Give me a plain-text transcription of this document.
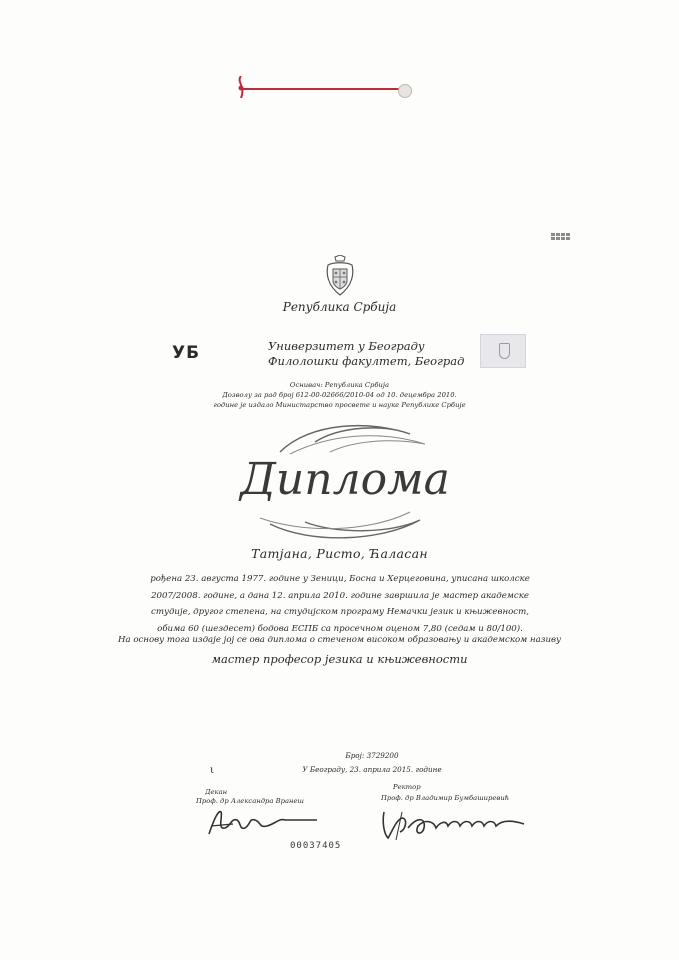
Република Србија
УБ	Универзитет у Београду
Филолошки факултет, Београд
Оснивач: Република Србија
Дозволу за рад број 612-00-02666/2010-04 од 10. децембра 2010.
године је издало Министарство просвете и науке Републике Србије
Диплома
Татјана, Ристо, Ћаласан
рођена 23. августа 1977. године у Зеници, Босна и Херцеговина, уписана школске
2007/2008. године, а дана 12. априла 2010. године завршила је мастер академске
студије, другог степена, на студијском програму Немачки језик и књижевност,
обима 60 (шездесет) бодова ЕСПБ са просечном оценом 7,80 (седам и 80/100).
На основу тога издаје јој се ова диплома о стеченом високом образовању и академском називу
мастер професор језика и књижевности
Број: 3729200
У Београду, 23. априла 2015. године
ι
Декан
Проф. др Александра Вранеш
Ректор
Проф. др Владимир Бумбаширевић
00037405
